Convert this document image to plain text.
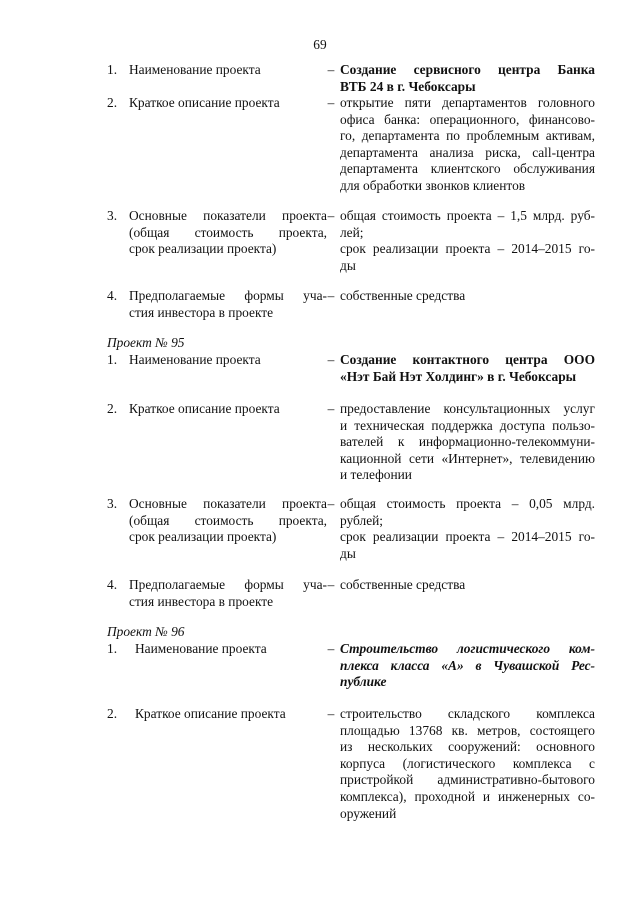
69
1. Наименование проекта	– Создание сервисного центра Банка
ВТБ 24 в г. Чебоксары
2. Краткое описание проекта	– открытие пяти департаментов головного
офиса банка: операционного, финансово-
го, департамента по проблемным активам,
департамента анализа риска, call-центра
департамента клиентского обслуживания
для обработки звонков клиентов
3. Основные показатели проекта
(общая стоимость проекта,
срок реализации проекта)
– общая стоимость проекта – 1,5 млрд. руб-
лей;
срок реализации проекта – 2014–2015 го-
ды
4. Предполагаемые формы уча-
стия инвестора в проекте
– собственные средства
Проект № 95
1. Наименование проекта	– Создание контактного центра ООО
«Нэт Бай Нэт Холдинг» в г. Чебоксары
2. Краткое описание проекта	– предоставление консультационных услуг
и техническая поддержка доступа пользо-
вателей к информационно-телекоммуни-
кационной сети «Интернет», телевидению
и телефонии
3. Основные показатели проекта
(общая стоимость проекта,
срок реализации проекта)
– общая стоимость проекта – 0,05 млрд.
рублей;
срок реализации проекта – 2014–2015 го-
ды
4. Предполагаемые формы уча-
стия инвестора в проекте
– собственные средства
Проект № 96
1.	Наименование проекта	– Строительство логистического ком-
плекса класса «А» в Чувашской Рес-
публике
2.	Краткое описание проекта	– строительство складского комплекса
площадью 13768 кв. метров, состоящего
из нескольких сооружений: основного
корпуса (логистического комплекса с
пристройкой административно-бытового
комплекса), проходной и инженерных со-
оружений
